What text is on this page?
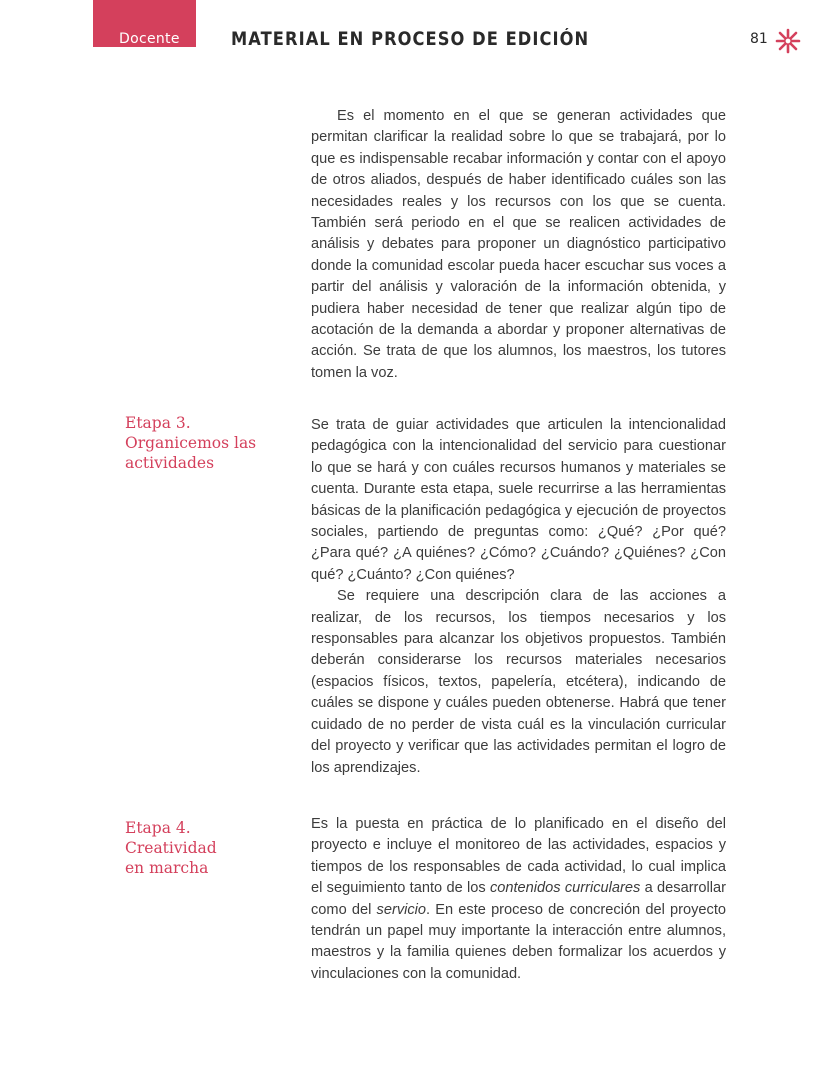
Docente	MATERIAL EN PROCESO DE EDICIÓN	81

Es el momento en el que se generan actividades que permitan clarificar la realidad sobre lo que se trabajará, por lo que es indispensable recabar información y contar con el apoyo de otros aliados, después de haber identificado cuáles son las necesidades reales y los recursos con los que se cuenta. También será periodo en el que se realicen actividades de análisis y debates para proponer un diagnóstico participativo donde la comunidad escolar pueda hacer escuchar sus voces a partir del análisis y valoración de la información obtenida, y pudiera haber necesidad de tener que realizar algún tipo de acotación de la demanda a abordar y proponer alternativas de acción. Se trata de que los alumnos, los maestros, los tutores tomen la voz.

Etapa 3.
Organicemos las
actividades

Se trata de guiar actividades que articulen la intencionalidad pedagógica con la intencionalidad del servicio para cuestionar lo que se hará y con cuáles recursos humanos y materiales se cuenta. Durante esta etapa, suele recurrirse a las herramientas básicas de la planificación pedagógica y ejecución de proyectos sociales, partiendo de preguntas como: ¿Qué? ¿Por qué? ¿Para qué? ¿A quiénes? ¿Cómo? ¿Cuándo? ¿Quiénes? ¿Con qué? ¿Cuánto? ¿Con quiénes?

Se requiere una descripción clara de las acciones a realizar, de los recursos, los tiempos necesarios y los responsables para alcanzar los objetivos propuestos. También deberán considerarse los recursos materiales necesarios (espacios físicos, textos, papelería, etcétera), indicando de cuáles se dispone y cuáles pueden obtenerse. Habrá que tener cuidado de no perder de vista cuál es la vinculación curricular del proyecto y verificar que las actividades permitan el logro de los aprendizajes.

Etapa 4.
Creatividad
en marcha

Es la puesta en práctica de lo planificado en el diseño del proyecto e incluye el monitoreo de las actividades, espacios y tiempos de los responsables de cada actividad, lo cual implica el seguimiento tanto de los contenidos curriculares a desarrollar como del servicio. En este proceso de concreción del proyecto tendrán un papel muy importante la interacción entre alumnos, maestros y la familia quienes deben formalizar los acuerdos y vinculaciones con la comunidad.
